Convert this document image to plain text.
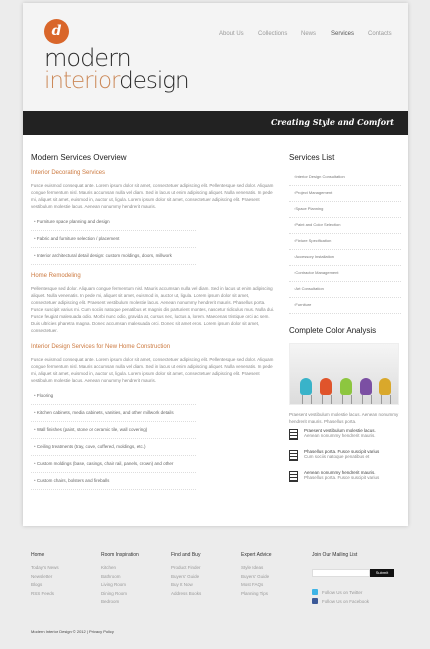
d
modern
interiordesign
About Us Collections News Services Contacts
Creating Style and Comfort
Modern Services Overview
Interior Decorating Services
Fusce euismod consequat ante. Lorem ipsum dolor sit amet, consectetuer adipiscing elit. Pellentesque sed dolor. Aliquam congue fermentum nisl. Mauris accumsan nulla vel diam. Sed in lacus ut enim adipiscing aliquet. Nulla venenatis. In pede mi, aliquet sit amet, euismod in, auctor ut, ligula. Lorem ipsum dolor sit amet, consectetuer adipiscing elit. Praesent vestibulum molestie lacus. Aenean nonummy hendrerit mauris.
• Furniture space planning and design
• Fabric and furniture selection / placement
• Interior architectural detail design: custom moldings, doors, millwork
Home Remodeling
Pellentesque sed dolor. Aliquam congue fermentum nisl. Mauris accumsan nulla vel diam. Sed in lacus ut enim adipiscing aliquet. Nulla venenatis. In pede mi, aliquet sit amet, euismod in, auctor ut, ligula. Lorem ipsum dolor sit amet, consectetuer adipiscing elit. Praesent vestibulum molestie lacus. Aenean nonummy hendrerit mauris. Phasellus porta. Fusce suscipit varius mi. Cum sociis natoque penatibus et magnis dis parturient montes, nascetur ridiculus mus. Nulla dui. Fusce feugiat malesuada odio. Morbi nunc odio, gravida at, cursus nec, luctus a, lorem. Maecenas tristique orci ac sem. Duis ultricies pharetra magna. Donec accumsan malesuada orci. Donec sit amet eros. Lorem ipsum dolor sit amet, consectetuer.
Interior Design Services for New Home Construction
Fusce euismod consequat ante. Lorem ipsum dolor sit amet, consectetuer adipiscing elit. Pellentesque sed dolor. Aliquam congue fermentum nisl. Mauris accumsan nulla vel diam. Sed in lacus ut enim adipiscing aliquet. Nulla venenatis. In pede mi, aliquet sit amet, euismod in, auctor ut, ligula. Lorem ipsum dolor sit amet, consectetuer adipiscing elit. Praesent vestibulum molestie lacus. Aenean nonummy hendrerit mauris.
• Flooring
• Kitchen cabinets, media cabinets, vanities, and other millwork details
• Wall finishes (paint, stone or ceramic tile, wall covering)
• Ceiling treatments (tray, cove, coffered, moldings, etc.)
• Custom moldings (base, casings, chair rail, panels, crown) and other
• Custom chairs, bolsters and fireballs
Services List
› Interior Design Consultation
› Project Management
› Space Planning
› Paint and Color Selection
› Fixture Specification
› Accessory Installation
› Contractor Management
› Art Consultation
› Furniture
Complete Color Analysis
Praesent vestibulum molestie lacus. Aenean nonummy hendrerit mauris. Phasellus porta.
Praesent vestibulum molestie lacus.
Aenean nonummy hendrerit mauris.
Phasellus porta. Fusce suscipit varius
Cum sociis natoque penatibus et
Aenean nonummy hendrerit mauris.
Phasellus porta. Fusce suscipit varius
Home
Today's News
Newsletter
Blogs
RSS Feeds
Room Inspiration
Kitchen
Bathroom
Living Room
Dining Room
Bedroom
Find and Buy
Product Finder
Buyers' Guide
Buy It Now
Address Books
Expert Advice
Style Ideas
Buyers' Guide
Most FAQs
Planning Tips
Join Our Mailing List
Submit
Follow Us on Twitter
Follow Us on Facebook
Modern Interior Design © 2012 | Privacy Policy
